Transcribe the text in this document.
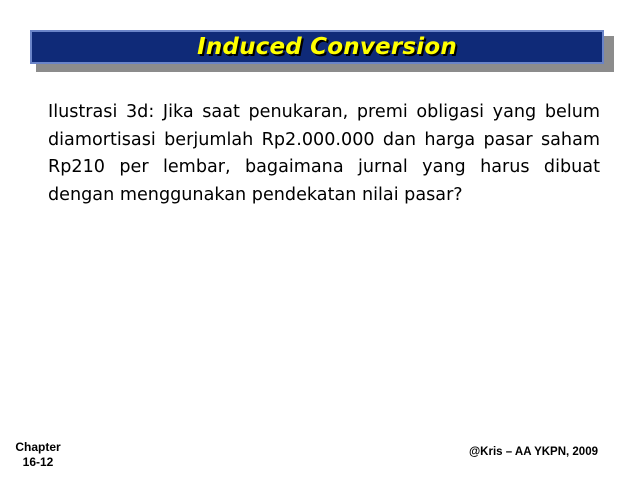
Induced Conversion
Ilustrasi 3d: Jika saat penukaran, premi obligasi yang belum diamortisasi berjumlah Rp2.000.000 dan harga pasar saham Rp210 per lembar, bagaimana jurnal yang harus dibuat dengan menggunakan pendekatan nilai pasar?
Chapter
16-12
@Kris – AA YKPN, 2009
